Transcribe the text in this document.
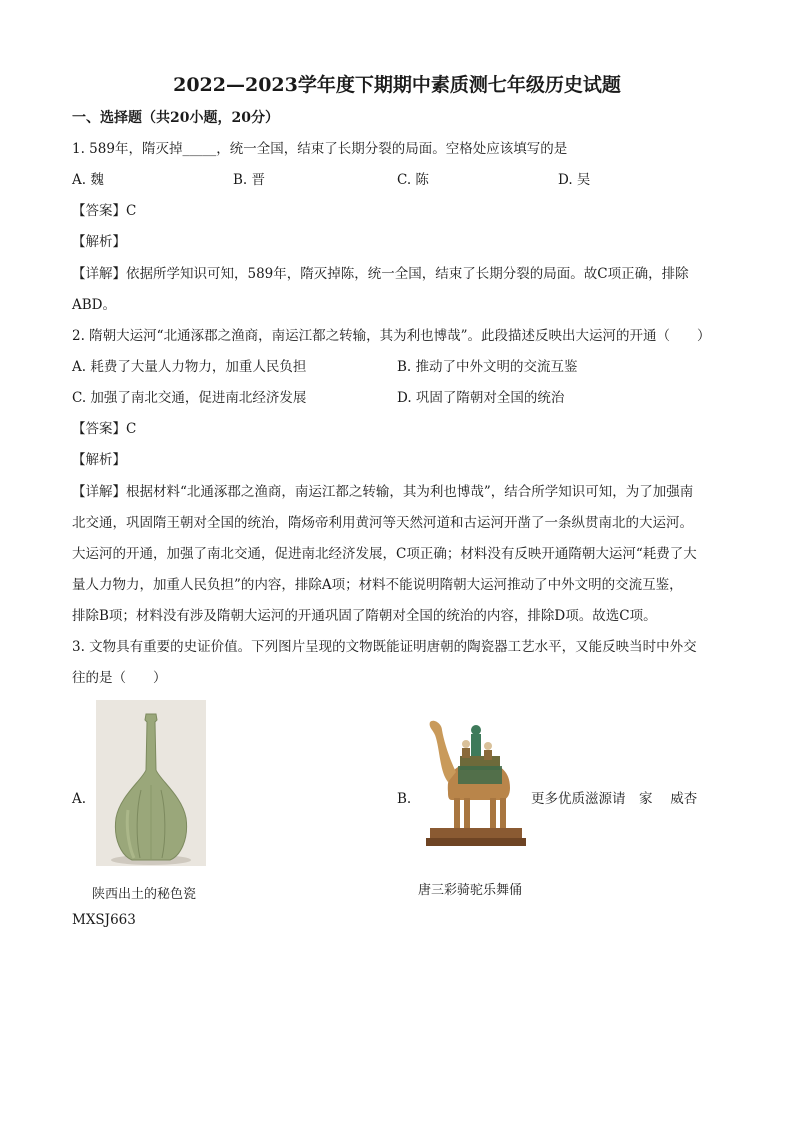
2022—2023学年度下期期中素质测七年级历史试题
一、选择题（共20小题，20分）
1. 589年，隋灭掉_____，统一全国，结束了长期分裂的局面。空格处应该填写的是
A. 魏	B. 晋	C. 陈	D. 吴
【答案】C
【解析】
【详解】依据所学知识可知，589年，隋灭掉陈，统一全国，结束了长期分裂的局面。故C项正确，排除
ABD。
2. 隋朝大运河“北通涿郡之渔商，南运江都之转输，其为利也博哉”。此段描述反映出大运河的开通（　　）
A. 耗费了大量人力物力，加重人民负担	B. 推动了中外文明的交流互鉴
C. 加强了南北交通，促进南北经济发展	D. 巩固了隋朝对全国的统治
【答案】C
【解析】
【详解】根据材料“北通涿郡之渔商，南运江都之转输，其为利也博哉”，结合所学知识可知，为了加强南
北交通，巩固隋王朝对全国的统治，隋炀帝利用黄河等天然河道和古运河开凿了一条纵贯南北的大运河。
大运河的开通，加强了南北交通，促进南北经济发展，C项正确；材料没有反映开通隋朝大运河“耗费了大
量人力物力，加重人民负担”的内容，排除A项；材料不能说明隋朝大运河推动了中外文明的交流互鉴，
排除B项；材料没有涉及隋朝大运河的开通巩固了隋朝对全国的统治的内容，排除D项。故选C项。
3. 文物具有重要的史证价值。下列图片呈现的文物既能证明唐朝的陶瓷器工艺水平，又能反映当时中外交
往的是（　　）
A.
陕西出土的秘色瓷
B.
唐三彩骑驼乐舞俑
更多优质滋源请　家　 威杏
MXSJ663
